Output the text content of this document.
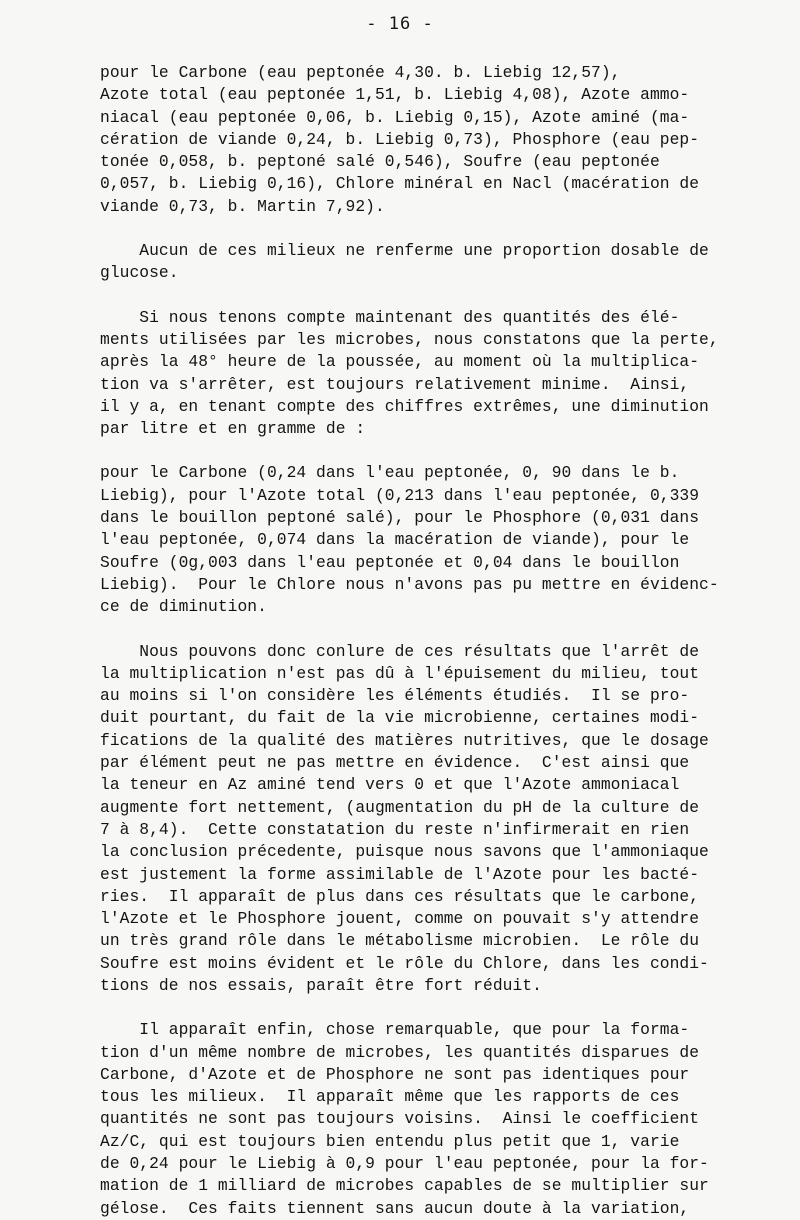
- 16 -
pour le Carbone (eau peptonée 4,30. b. Liebig 12,57),
Azote total (eau peptonée 1,51, b. Liebig 4,08), Azote ammo-
niacal (eau peptonée 0,06, b. Liebig 0,15), Azote aminé (ma-
cération de viande 0,24, b. Liebig 0,73), Phosphore (eau pep-
tonée 0,058, b. peptoné salé 0,546), Soufre (eau peptonée
0,057, b. Liebig 0,16), Chlore minéral en Nacl (macération de
viande 0,73, b. Martin 7,92).
Aucun de ces milieux ne renferme une proportion dosable de
glucose.
Si nous tenons compte maintenant des quantités des élé-
ments utilisées par les microbes, nous constatons que la perte,
après la 48° heure de la poussée, au moment où la multiplica-
tion va s'arrêter, est toujours relativement minime.  Ainsi,
il y a, en tenant compte des chiffres extrêmes, une diminution
par litre et en gramme de :
pour le Carbone (0,24 dans l'eau peptonée, 0, 90 dans le b.
Liebig), pour l'Azote total (0,213 dans l'eau peptonée, 0,339
dans le bouillon peptoné salé), pour le Phosphore (0,031 dans
l'eau peptonée, 0,074 dans la macération de viande), pour le
Soufre (0g,003 dans l'eau peptonée et 0,04 dans le bouillon
Liebig).  Pour le Chlore nous n'avons pas pu mettre en évidenc-
ce de diminution.
Nous pouvons donc conlure de ces résultats que l'arrêt de
la multiplication n'est pas dû à l'épuisement du milieu, tout
au moins si l'on considère les éléments étudiés.  Il se pro-
duit pourtant, du fait de la vie microbienne, certaines modi-
fications de la qualité des matières nutritives, que le dosage
par élément peut ne pas mettre en évidence.  C'est ainsi que
la teneur en Az aminé tend vers 0 et que l'Azote ammoniacal
augmente fort nettement, (augmentation du pH de la culture de
7 à 8,4).  Cette constatation du reste n'infirmerait en rien
la conclusion précedente, puisque nous savons que l'ammoniaque
est justement la forme assimilable de l'Azote pour les bacté-
ries.  Il apparaît de plus dans ces résultats que le carbone,
l'Azote et le Phosphore jouent, comme on pouvait s'y attendre
un très grand rôle dans le métabolisme microbien.  Le rôle du
Soufre est moins évident et le rôle du Chlore, dans les condi-
tions de nos essais, paraît être fort réduit.
Il apparaît enfin, chose remarquable, que pour la forma-
tion d'un même nombre de microbes, les quantités disparues de
Carbone, d'Azote et de Phosphore ne sont pas identiques pour
tous les milieux.  Il apparaît même que les rapports de ces
quantités ne sont pas toujours voisins.  Ainsi le coefficient
Az/C, qui est toujours bien entendu plus petit que 1, varie
de 0,24 pour le Liebig à 0,9 pour l'eau peptonée, pour la for-
mation de 1 milliard de microbes capables de se multiplier sur
gélose.  Ces faits tiennent sans aucun doute à la variation,
